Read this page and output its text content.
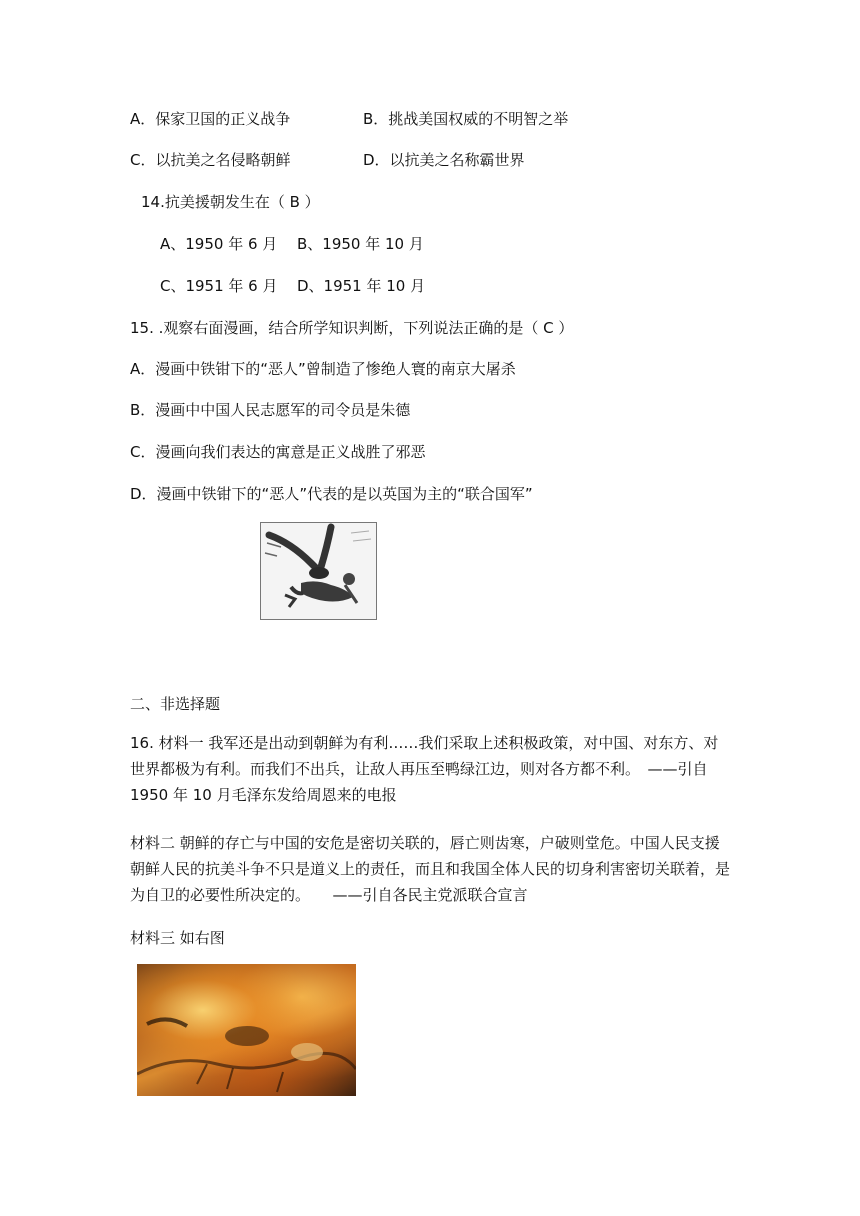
A．保家卫国的正义战争	B．挑战美国权威的不明智之举
C．以抗美之名侵略朝鲜	D．以抗美之名称霸世界
14.抗美援朝发生在（ B ）
A、1950 年 6 月 B、1950 年 10 月
C、1951 年 6 月 D、1951 年 10 月
15. .观察右面漫画，结合所学知识判断，下列说法正确的是（ C ）
A．漫画中铁钳下的“恶人”曾制造了惨绝人寰的南京大屠杀
B．漫画中中国人民志愿军的司令员是朱德
C．漫画向我们表达的寓意是正义战胜了邪恶
D．漫画中铁钳下的“恶人”代表的是以英国为主的“联合国军”
二、非选择题
16. 材料一 我军还是出动到朝鲜为有利……我们采取上述积极政策，对中国、对东方、对世界都极为有利。而我们不出兵，让敌人再压至鸭绿江边，则对各方都不利。　——引自 1950 年 10 月毛泽东发给周恩来的电报
材料二 朝鲜的存亡与中国的安危是密切关联的，唇亡则齿寒，户破则堂危。中国人民支援朝鲜人民的抗美斗争不只是道义上的责任，而且和我国全体人民的切身利害密切关联着，是为自卫的必要性所决定的。　　——引自各民主党派联合宣言
材料三 如右图
